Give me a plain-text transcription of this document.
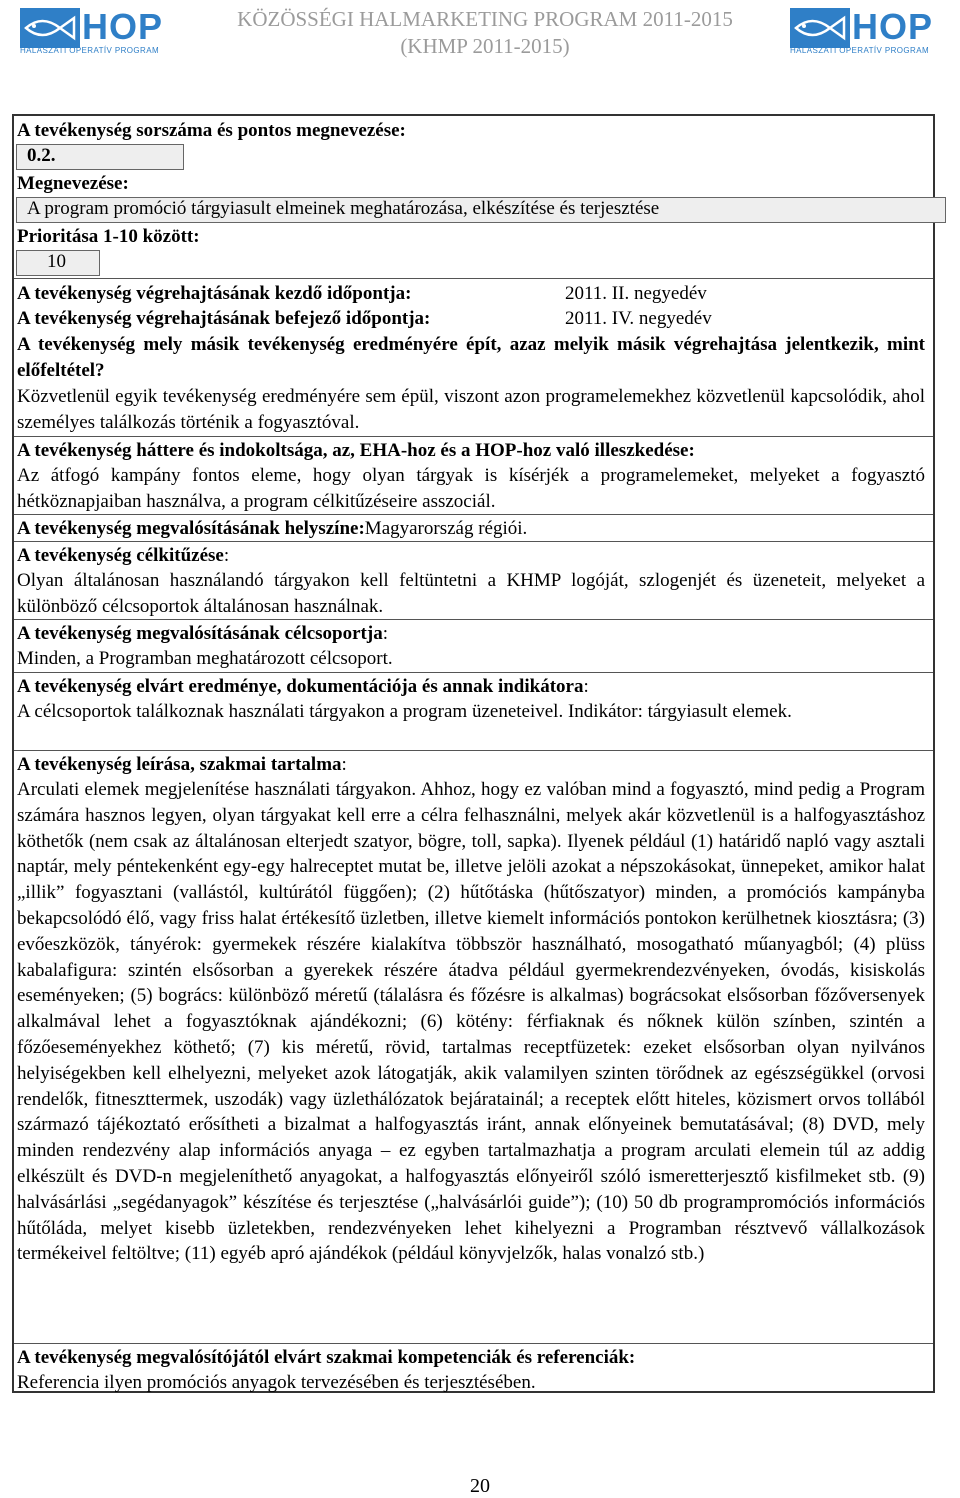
HOP
HALÁSZATI OPERATÍV PROGRAM
KÖZÖSSÉGI HALMARKETING PROGRAM 2011-2015
(KHMP 2011-2015)	HOP
HALÁSZATI OPERATÍV PROGRAM
A tevékenység sorszáma és pontos megnevezése:
0.2.
Megnevezése:
A program promóció tárgyiasult elmeinek meghatározása, elkészítése és terjesztése
Prioritása 1-10 között:
10
A tevékenység végrehajtásának kezdő időpontja:	2011. II. negyedév
A tevékenység végrehajtásának befejező időpontja:	2011. IV. negyedév
A tevékenység mely másik tevékenység eredményére épít, azaz melyik másik végrehajtása jelentkezik, mint előfeltétel?
Közvetlenül egyik tevékenység eredményére sem épül, viszont azon programelemekhez közvetlenül kapcsolódik, ahol személyes találkozás történik a fogyasztóval.
A tevékenység háttere és indokoltsága, az, EHA-hoz és a HOP-hoz való illeszkedése:
Az átfogó kampány fontos eleme, hogy olyan tárgyak is kísérjék a programelemeket, melyeket a fogyasztó hétköznapjaiban használva, a program célkitűzéseire asszociál.
A tevékenység megvalósításának helyszíne:Magyarország régiói.
A tevékenység célkitűzése:
Olyan általánosan használandó tárgyakon kell feltüntetni a KHMP logóját, szlogenjét és üzeneteit, melyeket a különböző célcsoportok általánosan használnak.
A tevékenység megvalósításának célcsoportja:
Minden, a Programban meghatározott célcsoport.
A tevékenység elvárt eredménye, dokumentációja és annak indikátora:
A célcsoportok találkoznak használati tárgyakon a program üzeneteivel. Indikátor: tárgyiasult elemek.
A tevékenység leírása, szakmai tartalma:
Arculati elemek megjelenítése használati tárgyakon. Ahhoz, hogy ez valóban mind a fogyasztó, mind pedig a Program számára hasznos legyen, olyan tárgyakat kell erre a célra felhasználni, melyek akár közvetlenül is a halfogyasztáshoz köthetők (nem csak az általánosan elterjedt szatyor, bögre, toll, sapka). Ilyenek például (1) határidő napló vagy asztali naptár, mely péntekenként egy-egy halreceptet mutat be, illetve jelöli azokat a népszokásokat, ünnepeket, amikor halat „illik” fogyasztani (vallástól, kultúrától függően); (2) hűtőtáska (hűtőszatyor) minden, a promóciós kampányba bekapcsolódó élő, vagy friss halat értékesítő üzletben, illetve kiemelt információs pontokon kerülhetnek kiosztásra; (3) evőeszközök, tányérok: gyermekek részére kialakítva többször használható, mosogatható műanyagból; (4) plüss kabalafigura: szintén elsősorban a gyerekek részére átadva például gyermekrendezvényeken, óvodás, kisiskolás eseményeken; (5) bogrács: különböző méretű (tálalásra és főzésre is alkalmas) bográcsokat elsősorban főzőversenyek alkalmával lehet a fogyasztóknak ajándékozni; (6) kötény: férfiaknak és nőknek külön színben, szintén a főzőeseményekhez köthető; (7) kis méretű, rövid, tartalmas receptfüzetek: ezeket elsősorban olyan nyilvános helyiségekben kell elhelyezni, melyeket azok látogatják, akik valamilyen szinten törődnek az egészségükkel (orvosi rendelők, fitneszttermek, uszodák) vagy üzlethálózatok bejáratainál; a receptek előtt hiteles, közismert orvos tollából származó tájékoztató erősítheti a bizalmat a halfogyasztás iránt, annak előnyeinek bemutatásával; (8) DVD, mely minden rendezvény alap információs anyaga – ez egyben tartalmazhatja a program arculati elemein túl az addig elkészült és DVD-n megjeleníthető anyagokat, a halfogyasztás előnyeiről szóló ismeretterjesztő kisfilmeket stb. (9) halvásárlási „segédanyagok” készítése és terjesztése („halvásárlói guide”); (10) 50 db programpromóciós információs hűtőláda, melyet kisebb üzletekben, rendezvényeken lehet kihelyezni a Programban résztvevő vállalkozások termékeivel feltöltve; (11) egyéb apró ajándékok (például könyvjelzők, halas vonalzó stb.)
A tevékenység megvalósítójától elvárt szakmai kompetenciák és referenciák:
Referencia ilyen promóciós anyagok tervezésében és terjesztésében.
20
